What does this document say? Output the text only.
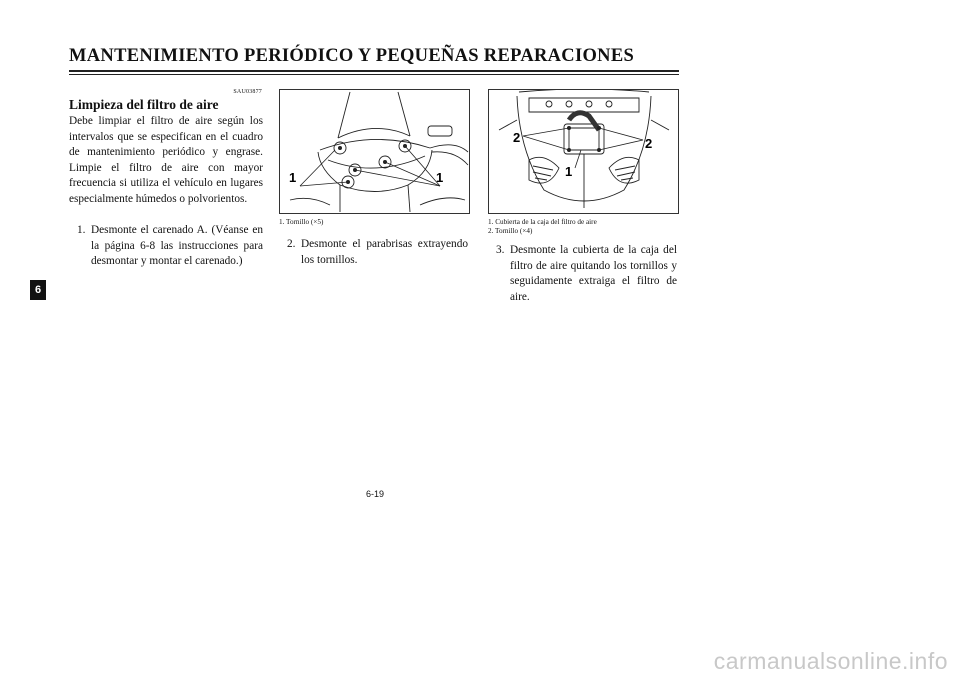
MANTENIMIENTO PERIÓDICO Y PEQUEÑAS REPARACIONES
6
SAU03877
Limpieza del filtro de aire
Debe limpiar el filtro de aire según los intervalos que se especifican en el cuadro de mantenimiento periódico y engrase. Limpie el filtro de aire con mayor frecuencia si utiliza el vehículo en lugares especialmente húmedos o polvorientos.
1. Desmonte el carenado A. (Véanse en la página 6-8 las instrucciones para desmontar y montar el carenado.)
1	1
1. Tornillo (×5)
2. Desmonte el parabrisas extrayendo los tornillos.
2	2
1
1. Cubierta de la caja del filtro de aire
2. Tornillo (×4)
3. Desmonte la cubierta de la caja del filtro de aire quitando los tornillos y seguidamente extraiga el filtro de aire.
6-19
carmanualsonline.info
